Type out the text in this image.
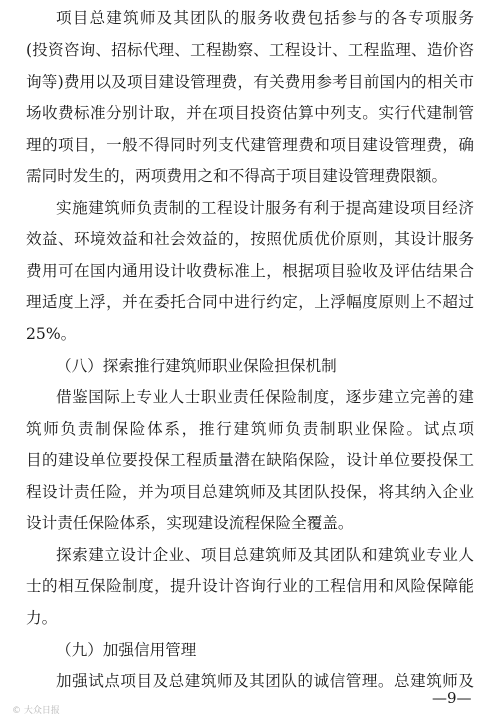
项目总建筑师及其团队的服务收费包括参与的各专项服务
(投资咨询、招标代理、工程勘察、工程设计、工程监理、造价咨
询等)费用以及项目建设管理费，有关费用参考目前国内的相关市
场收费标准分别计取，并在项目投资估算中列支。实行代建制管
理的项目，一般不得同时列支代建管理费和项目建设管理费，确
需同时发生的，两项费用之和不得高于项目建设管理费限额。
实施建筑师负责制的工程设计服务有利于提高建设项目经济
效益、环境效益和社会效益的，按照优质优价原则，其设计服务
费用可在国内通用设计收费标准上，根据项目验收及评估结果合
理适度上浮，并在委托合同中进行约定，上浮幅度原则上不超过
25%。
（八）探索推行建筑师职业保险担保机制
借鉴国际上专业人士职业责任保险制度，逐步建立完善的建
筑师负责制保险体系，推行建筑师负责制职业保险。试点项
目的建设单位要投保工程质量潜在缺陷保险，设计单位要投保工
程设计责任险，并为项目总建筑师及其团队投保，将其纳入企业
设计责任保险体系，实现建设流程保险全覆盖。
探索建立设计企业、项目总建筑师及其团队和建筑业专业人
士的相互保险制度，提升设计咨询行业的工程信用和风险保障能
力。
（九）加强信用管理
加强试点项目及总建筑师及其团队的诚信管理。总建筑师及
—9—
© 大众日报
